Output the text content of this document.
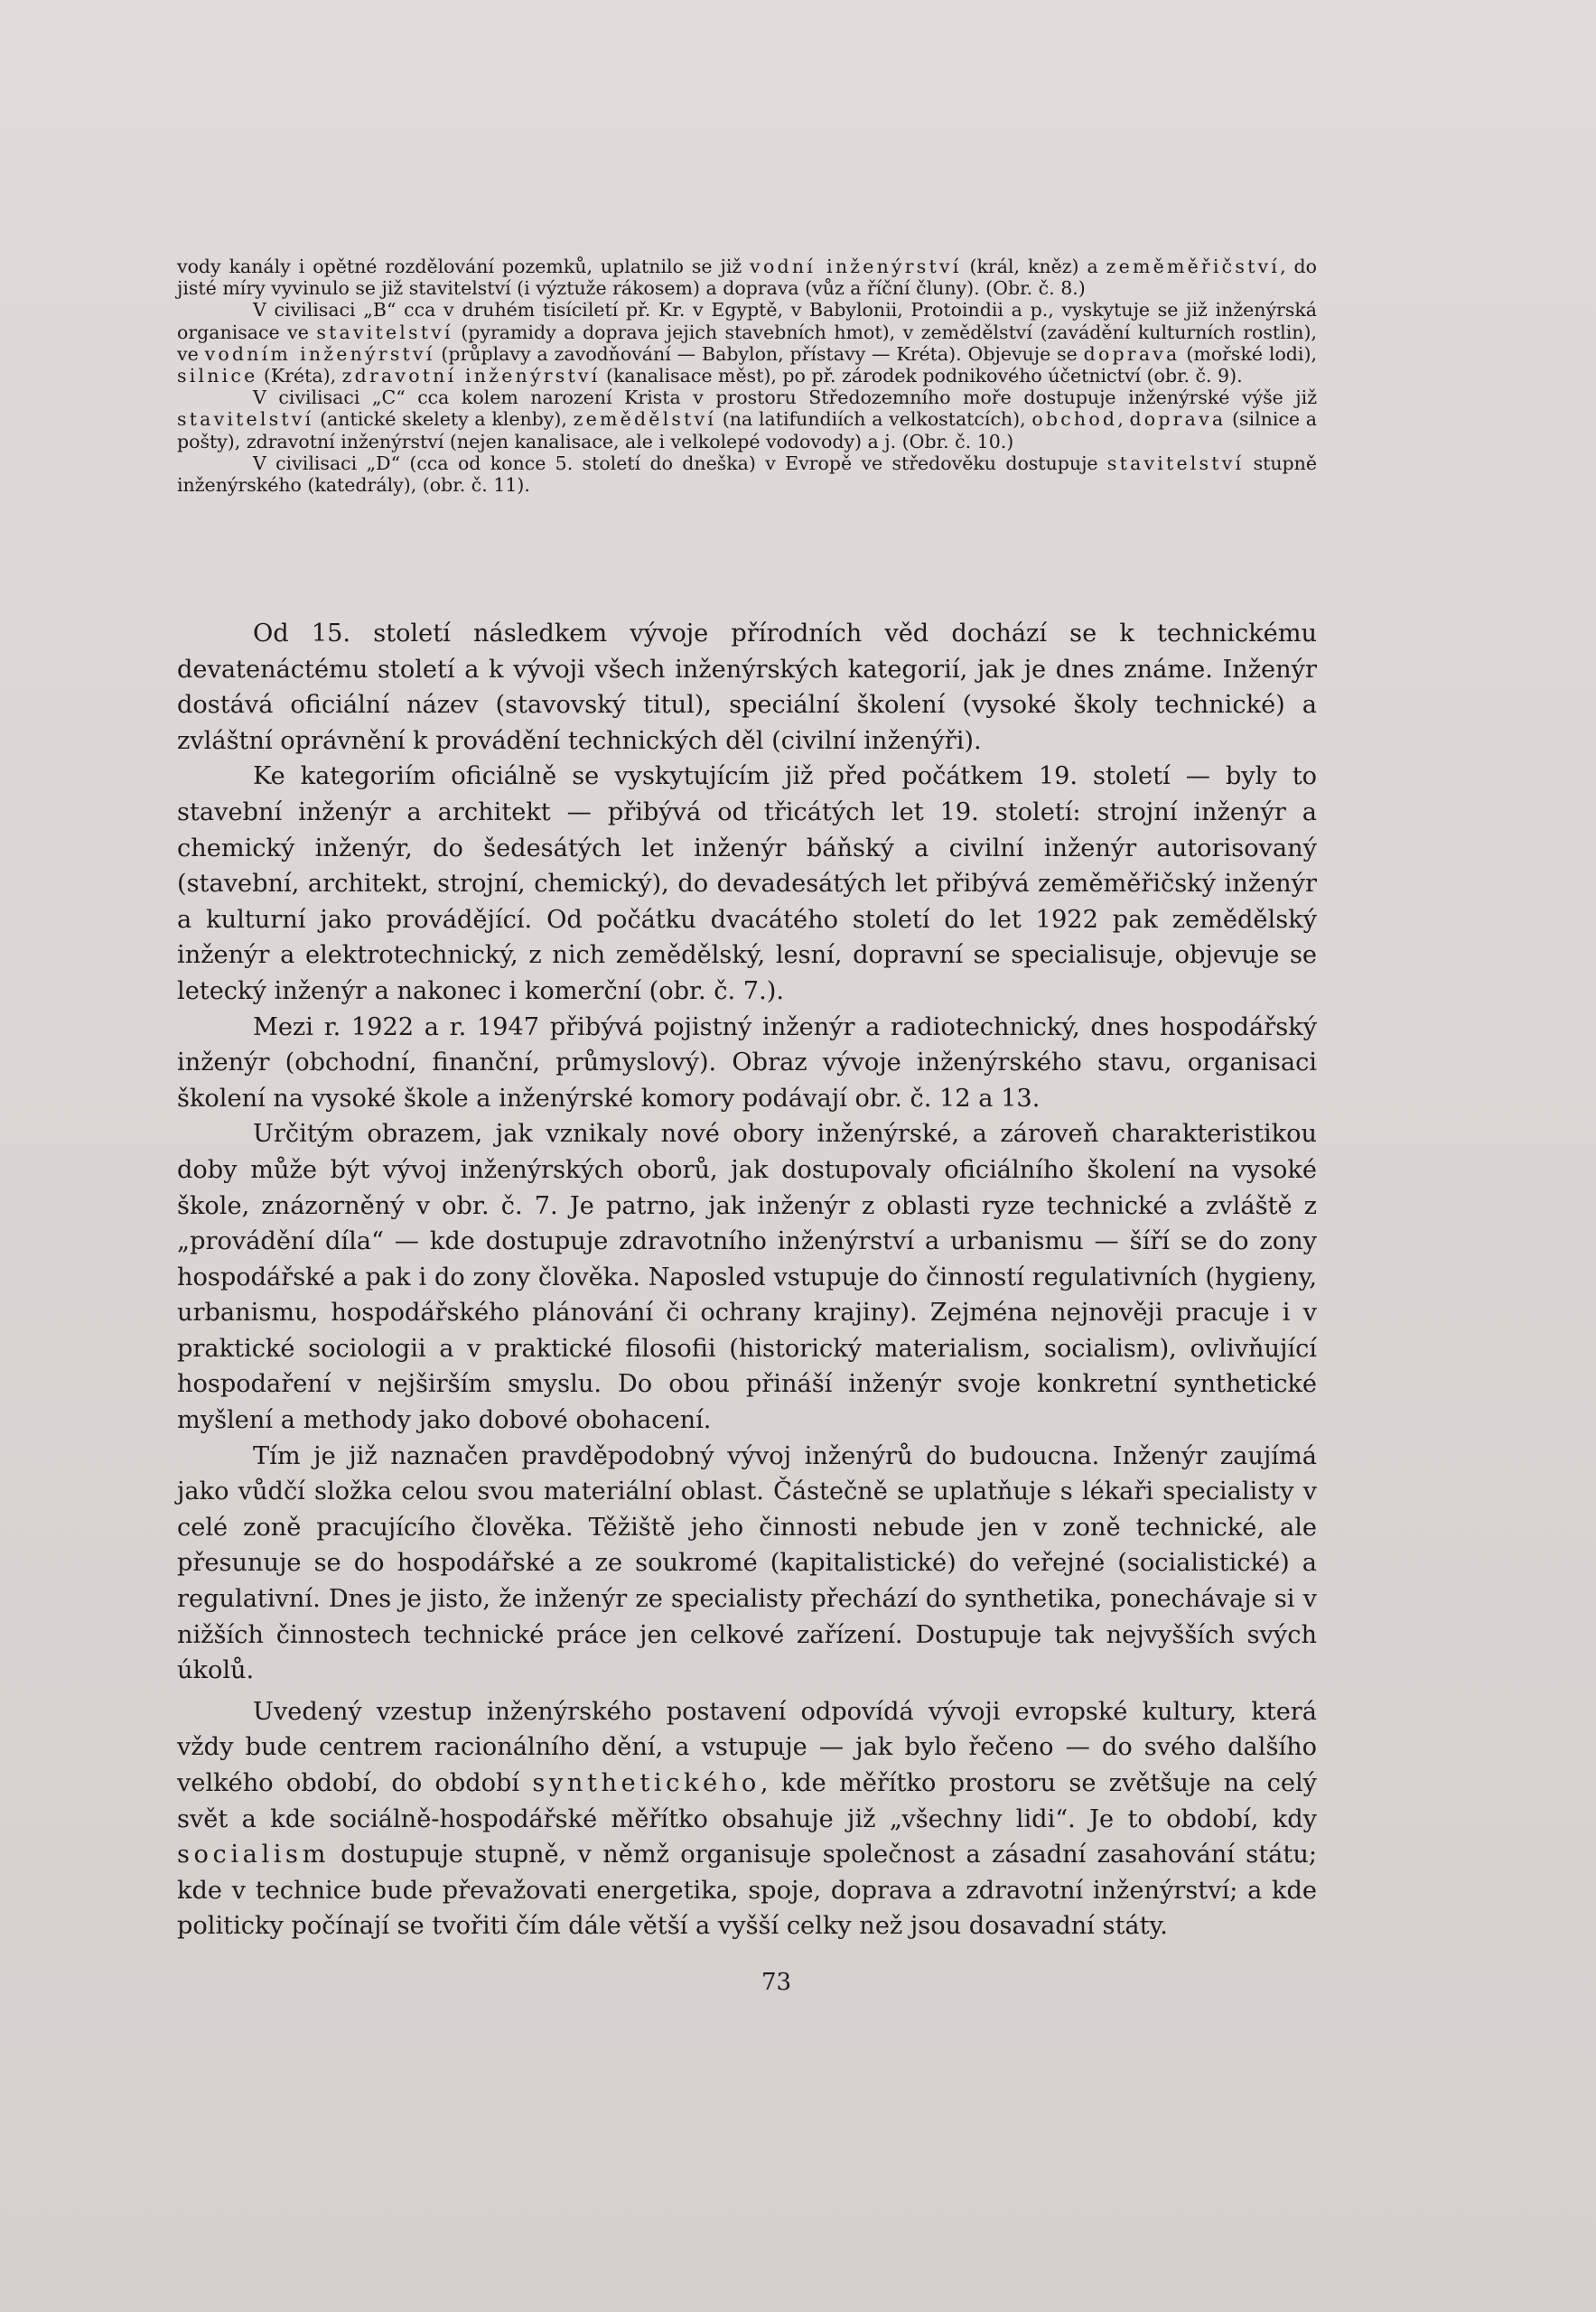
vody kanály i opětné rozdělování pozemků, uplatnilo se již vodní inženýrství (král, kněz) a zeměměřičství, do jisté míry vyvinulo se již stavitelství (i výztuže rákosem) a doprava (vůz a říční čluny). (Obr. č. 8.)

V civilisaci „B“ cca v druhém tisíciletí př. Kr. v Egyptě, v Babylonii, Protoindii a p., vyskytuje se již inženýrská organisace ve stavitelství (pyramidy a doprava jejich stavebních hmot), v zemědělství (zavádění kulturních rostlin), ve vodním inženýrství (průplavy a zavodňování — Babylon, přístavy — Kréta). Objevuje se doprava (mořské lodi), silnice (Kréta), zdravotní inženýrství (kanalisace měst), po př. zárodek podnikového účetnictví (obr. č. 9).

V civilisaci „C“ cca kolem narození Krista v prostoru Středozemního moře dostupuje inženýrské výše již stavitelství (antické skelety a klenby), zemědělství (na latifundiích a velkostatcích), obchod, doprava (silnice a pošty), zdravotní inženýrství (nejen kanalisace, ale i velkolepé vodovody) a j. (Obr. č. 10.)

V civilisaci „D“ (cca od konce 5. století do dneška) v Evropě ve středověku dostupuje stavitelství stupně inženýrského (katedrály), (obr. č. 11).

Od 15. století následkem vývoje přírodních věd dochází se k technickému devatenáctému století a k vývoji všech inženýrských kategorií, jak je dnes známe. Inženýr dostává oficiální název (stavovský titul), speciální školení (vysoké školy technické) a zvláštní oprávnění k provádění technických děl (civilní inženýři).

Ke kategoriím oficiálně se vyskytujícím již před počátkem 19. století — byly to stavební inženýr a architekt — přibývá od třicátých let 19. století: strojní inženýr a chemický inženýr, do šedesátých let inženýr báňský a civilní inženýr autorisovaný (stavební, architekt, strojní, chemický), do devadesátých let přibývá zeměměřičský inženýr a kulturní jako provádějící. Od počátku dvacátého století do let 1922 pak zemědělský inženýr a elektrotechnický, z nich zemědělský, lesní, dopravní se specialisuje, objevuje se letecký inženýr a nakonec i komerční (obr. č. 7.).

Mezi r. 1922 a r. 1947 přibývá pojistný inženýr a radiotechnický, dnes hospodářský inženýr (obchodní, finanční, průmyslový). Obraz vývoje inženýrského stavu, organisaci školení na vysoké škole a inženýrské komory podávají obr. č. 12 a 13.

Určitým obrazem, jak vznikaly nové obory inženýrské, a zároveň charakteristikou doby může být vývoj inženýrských oborů, jak dostupovaly oficiálního školení na vysoké škole, znázorněný v obr. č. 7. Je patrno, jak inženýr z oblasti ryze technické a zvláště z „provádění díla“ — kde dostupuje zdravotního inženýrství a urbanismu — šíří se do zony hospodářské a pak i do zony člověka. Naposled vstupuje do činností regulativních (hygieny, urbanismu, hospodářského plánování či ochrany krajiny). Zejména nejnověji pracuje i v praktické sociologii a v praktické filosofii (historický materialism, socialism), ovlivňující hospodaření v nejširším smyslu. Do obou přináší inženýr svoje konkretní synthetické myšlení a methody jako dobové obohacení.

Tím je již naznačen pravděpodobný vývoj inženýrů do budoucna. Inženýr zaujímá jako vůdčí složka celou svou materiální oblast. Částečně se uplatňuje s lékaři specialisty v celé zoně pracujícího člověka. Těžiště jeho činnosti nebude jen v zoně technické, ale přesunuje se do hospodářské a ze soukromé (kapitalistické) do veřejné (socialistické) a regulativní. Dnes je jisto, že inženýr ze specialisty přechází do synthetika, ponechávaje si v nižších činnostech technické práce jen celkové zařízení. Dostupuje tak nejvyšších svých úkolů.

Uvedený vzestup inženýrského postavení odpovídá vývoji evropské kultury, která vždy bude centrem racionálního dění, a vstupuje — jak bylo řečeno — do svého dalšího velkého období, do období synthetického, kde měřítko prostoru se zvětšuje na celý svět a kde sociálně-hospodářské měřítko obsahuje již „všechny lidi“. Je to období, kdy socialism dostupuje stupně, v němž organisuje společnost a zásadní zasahování státu; kde v technice bude převažovati energetika, spoje, doprava a zdravotní inženýrství; a kde politicky počínají se tvořiti čím dále větší a vyšší celky než jsou dosavadní státy.

73
